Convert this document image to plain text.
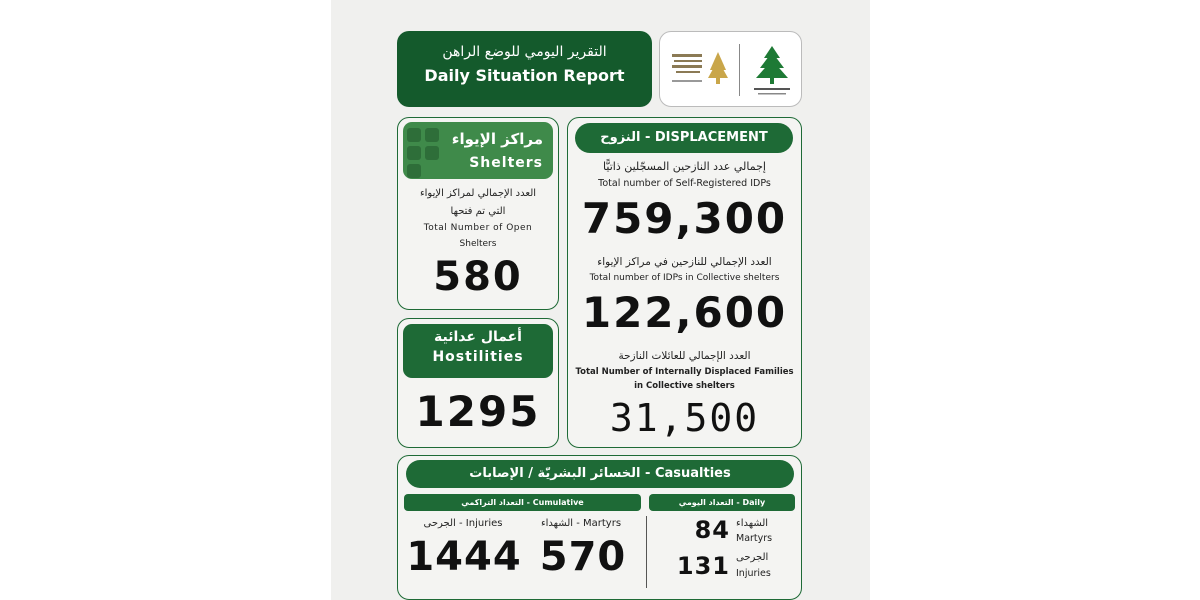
التقرير اليومي للوضع الراهن
Daily Situation Report
مراكز الإيواء
Shelters
العدد الإجمالي لمراكز الإيواء
التي تم فتحها
Total Number of Open
Shelters
580
أعمال عدائية
Hostilities
1295
النزوح - DISPLACEMENT
إجمالي عدد النازحين المسجّلين ذاتيًّا
Total number of Self-Registered IDPs
759,300
العدد الإجمالي للنازحين في مراكز الإيواء
Total number of IDPs in Collective shelters
122,600
العدد الإجمالي للعائلات النازحة
Total Number of Internally Displaced Families
in Collective shelters
31,500
الخسائر البشريّة / الإصابات - Casualties
التعداد التراكمي - Cumulative	التعداد اليومي - Daily
الجرحى - Injuries	الشهداء - Martyrs
1444 570
84 الشهداء
Martyrs
131 الجرحى
Injuries
